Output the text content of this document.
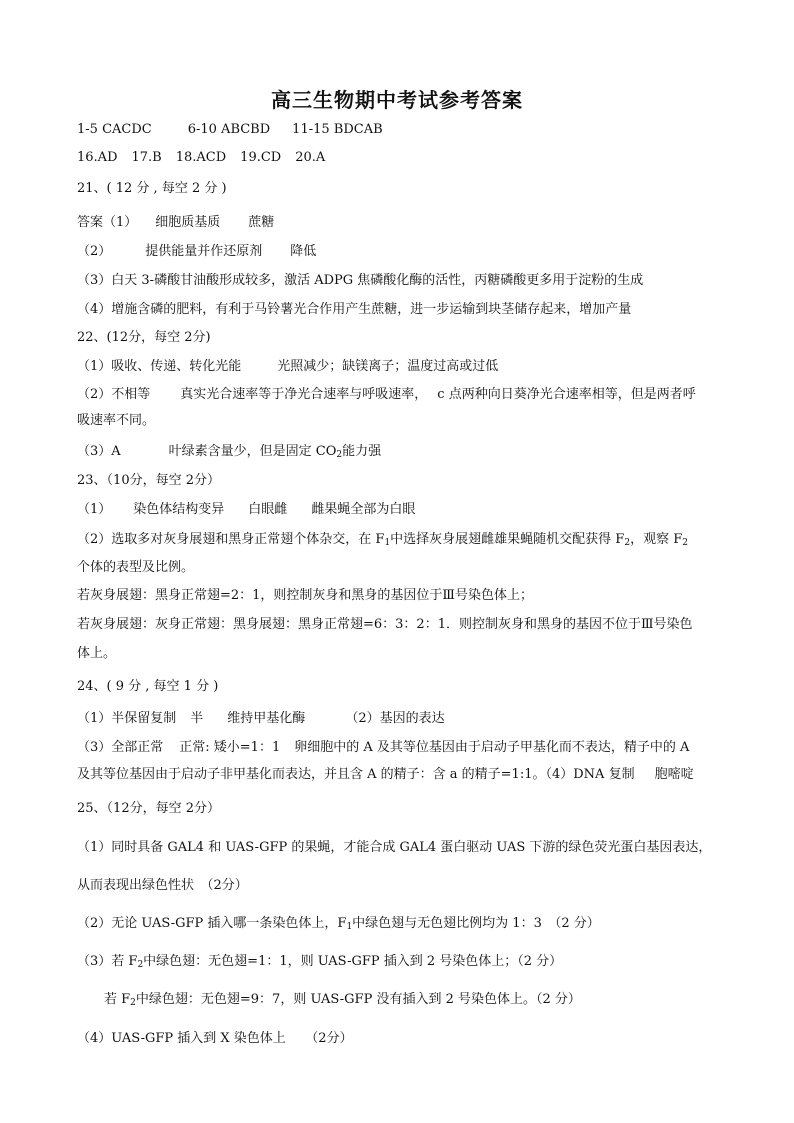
高三生物期中考试参考答案
1-5 CACDC	6-10 ABCBD 11-15 BDCAB
16.AD 17.B 18.ACD 19.CD 20.A
21、( 12 分 , 每空 2 分 )
答案（1） 细胞质基质 蔗糖
（2）	提供能量并作还原剂 降低
（3）白天 3-磷酸甘油酸形成较多，激活 ADPG 焦磷酸化酶的活性，丙糖磷酸更多用于淀粉的生成
（4）增施含磷的肥料，有利于马铃薯光合作用产生蔗糖，进一步运输到块茎储存起来，增加产量
22、(12分，每空 2分)
（1）吸收、传递、转化光能	光照减少；缺镁离子；温度过高或过低
（2）不相等 真实光合速率等于净光合速率与呼吸速率， c 点两种向日葵净光合速率相等，但是两者呼
吸速率不同。
（3）A	叶绿素含量少，但是固定 $CO_2$能力强
23、（10分，每空 2分）
（1） 染色体结构变异 白眼雌 雌果蝇全部为白眼
（2）选取多对灰身展翅和黑身正常翅个体杂交，在 $F_1$中选择灰身展翅雌雄果蝇随机交配获得 $F_2$，观察 $F_2$
个体的表型及比例。
若灰身展翅：黑身正常翅=2：1，则控制灰身和黑身的基因位于Ⅲ号染色体上；
若灰身展翅：灰身正常翅：黑身展翅：黑身正常翅=6：3：2：1．则控制灰身和黑身的基因不位于Ⅲ号染色
体上。
24、( 9 分 , 每空 1 分 )
（1）半保留复制 半 维持甲基化酶	（2）基因的表达
（3）全部正常 正常: 矮小=1：1 卵细胞中的 A 及其等位基因由于启动子甲基化而不表达，精子中的 A
及其等位基因由于启动子非甲基化而表达，并且含 A 的精子：含 a 的精子=1:1。（4）DNA 复制 胞嘧啶
25、（12分，每空 2分）
（1）同时具备 GAL4 和 UAS-GFP 的果蝇，才能合成 GAL4 蛋白驱动 UAS 下游的绿色荧光蛋白基因表达，
从而表现出绿色性状　（2分）
（2）无论 UAS-GFP 插入哪一条染色体上，$F_1$中绿色翅与无色翅比例均为 1：3　（2 分）
（3）若 $F_2$中绿色翅：无色翅=1：1，则 UAS-GFP 插入到 2 号染色体上；（2 分）
若 $F_2$中绿色翅：无色翅=9：7，则 UAS-GFP 没有插入到 2 号染色体上。（2 分）
（4）UAS-GFP 插入到 X 染色体上　　（2分）
